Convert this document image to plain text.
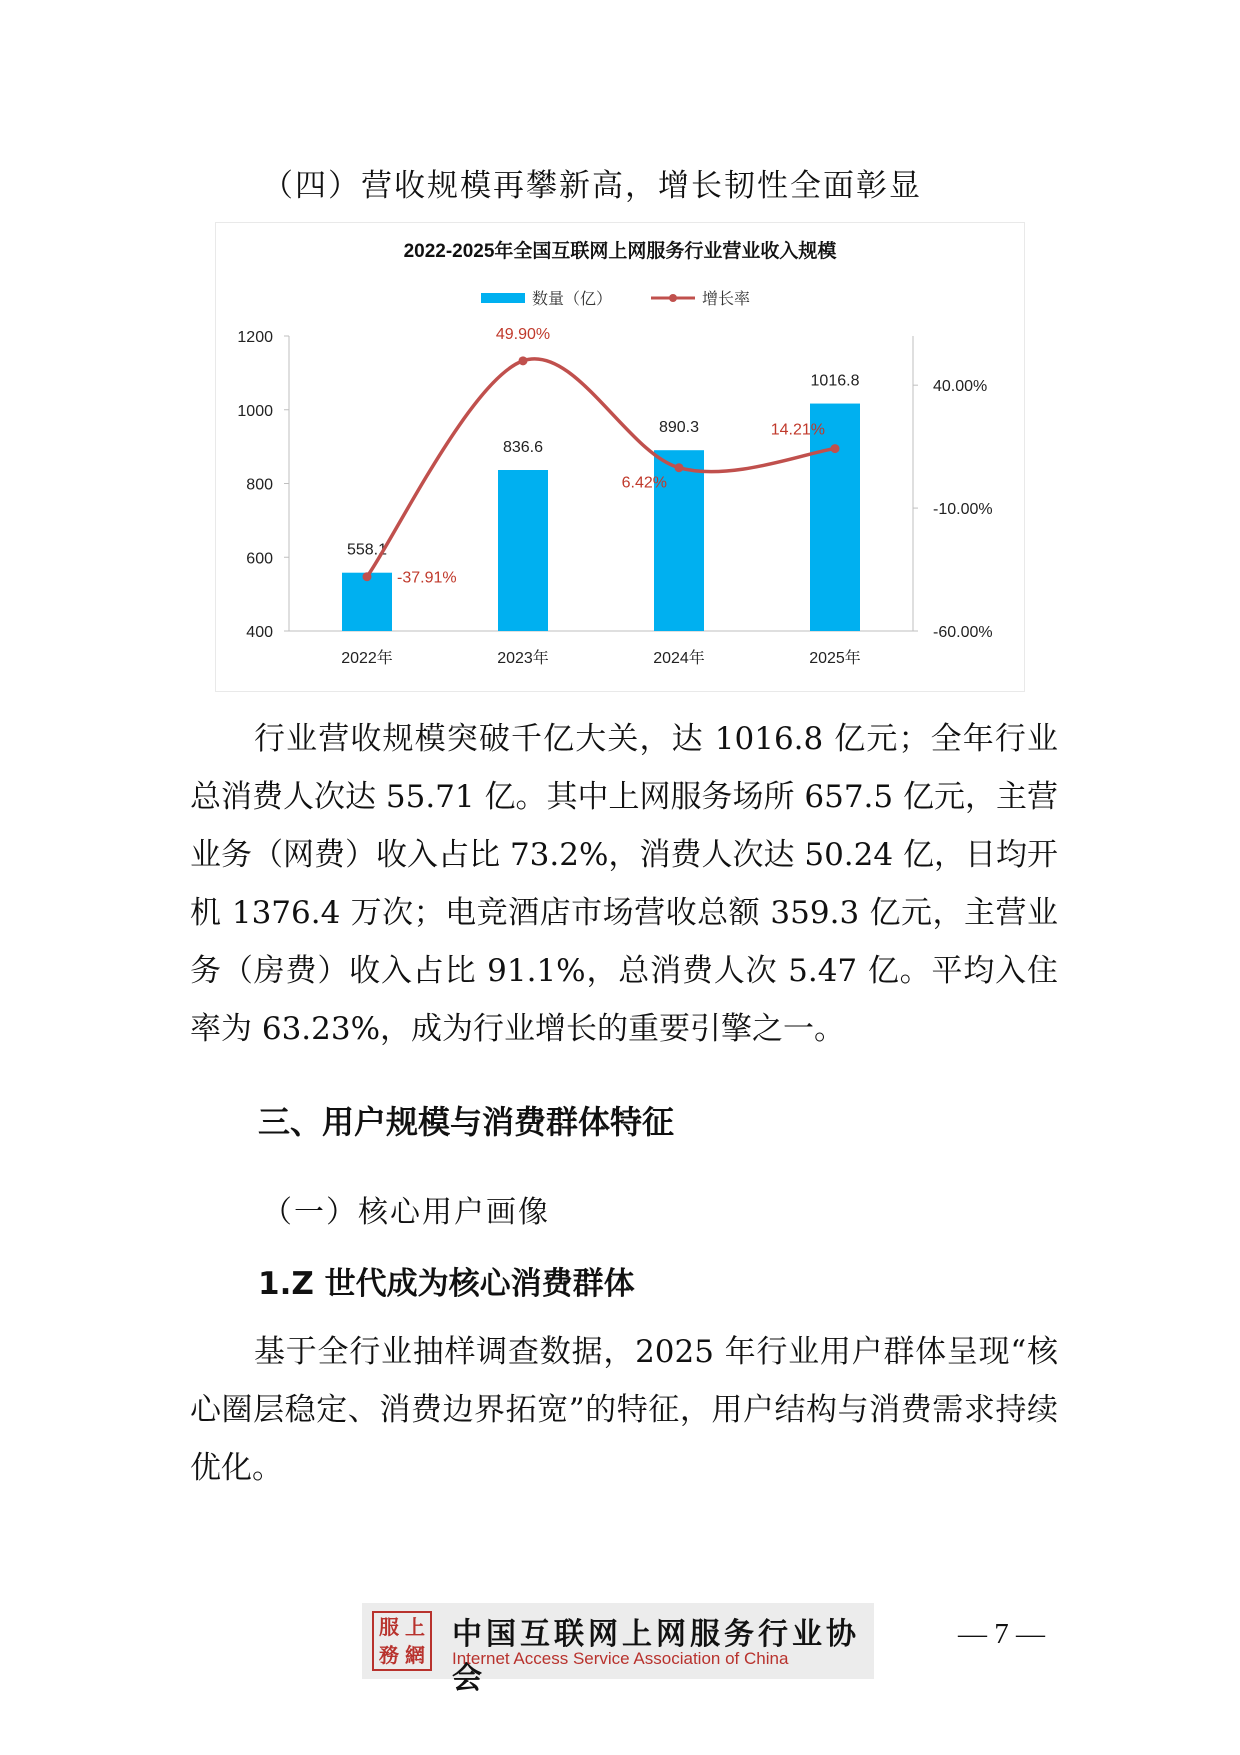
（四）营收规模再攀新高，增长韧性全面彰显
2022-2025年全国互联网上网服务行业营业收入规模
数量（亿）	增长率
400
600
800
1000
1200
-60.00%
-10.00%
40.00%
558.1
2022年
836.6
2023年
890.3
2024年
1016.8
2025年
-37.91%
49.90%
6.42%
14.21%
行业营收规模突破千亿大关，达 1016.8 亿元；全年行业总消费人次达 55.71 亿。其中上网服务场所 657.5 亿元，主营业务（网费）收入占比 73.2%，消费人次达 50.24 亿，日均开机 1376.4 万次；电竞酒店市场营收总额 359.3 亿元，主营业务（房费）收入占比 91.1%，总消费人次 5.47 亿。平均入住率为 63.23%，成为行业增长的重要引擎之一。
三、用户规模与消费群体特征
（一）核心用户画像
1.Z 世代成为核心消费群体
基于全行业抽样调查数据，2025 年行业用户群体呈现“核心圈层稳定、消费边界拓宽”的特征，用户结构与消费需求持续优化。
服 上
務 網
中国互联网上网服务行业协会
Internet Access Service Association of China
— 7 —
